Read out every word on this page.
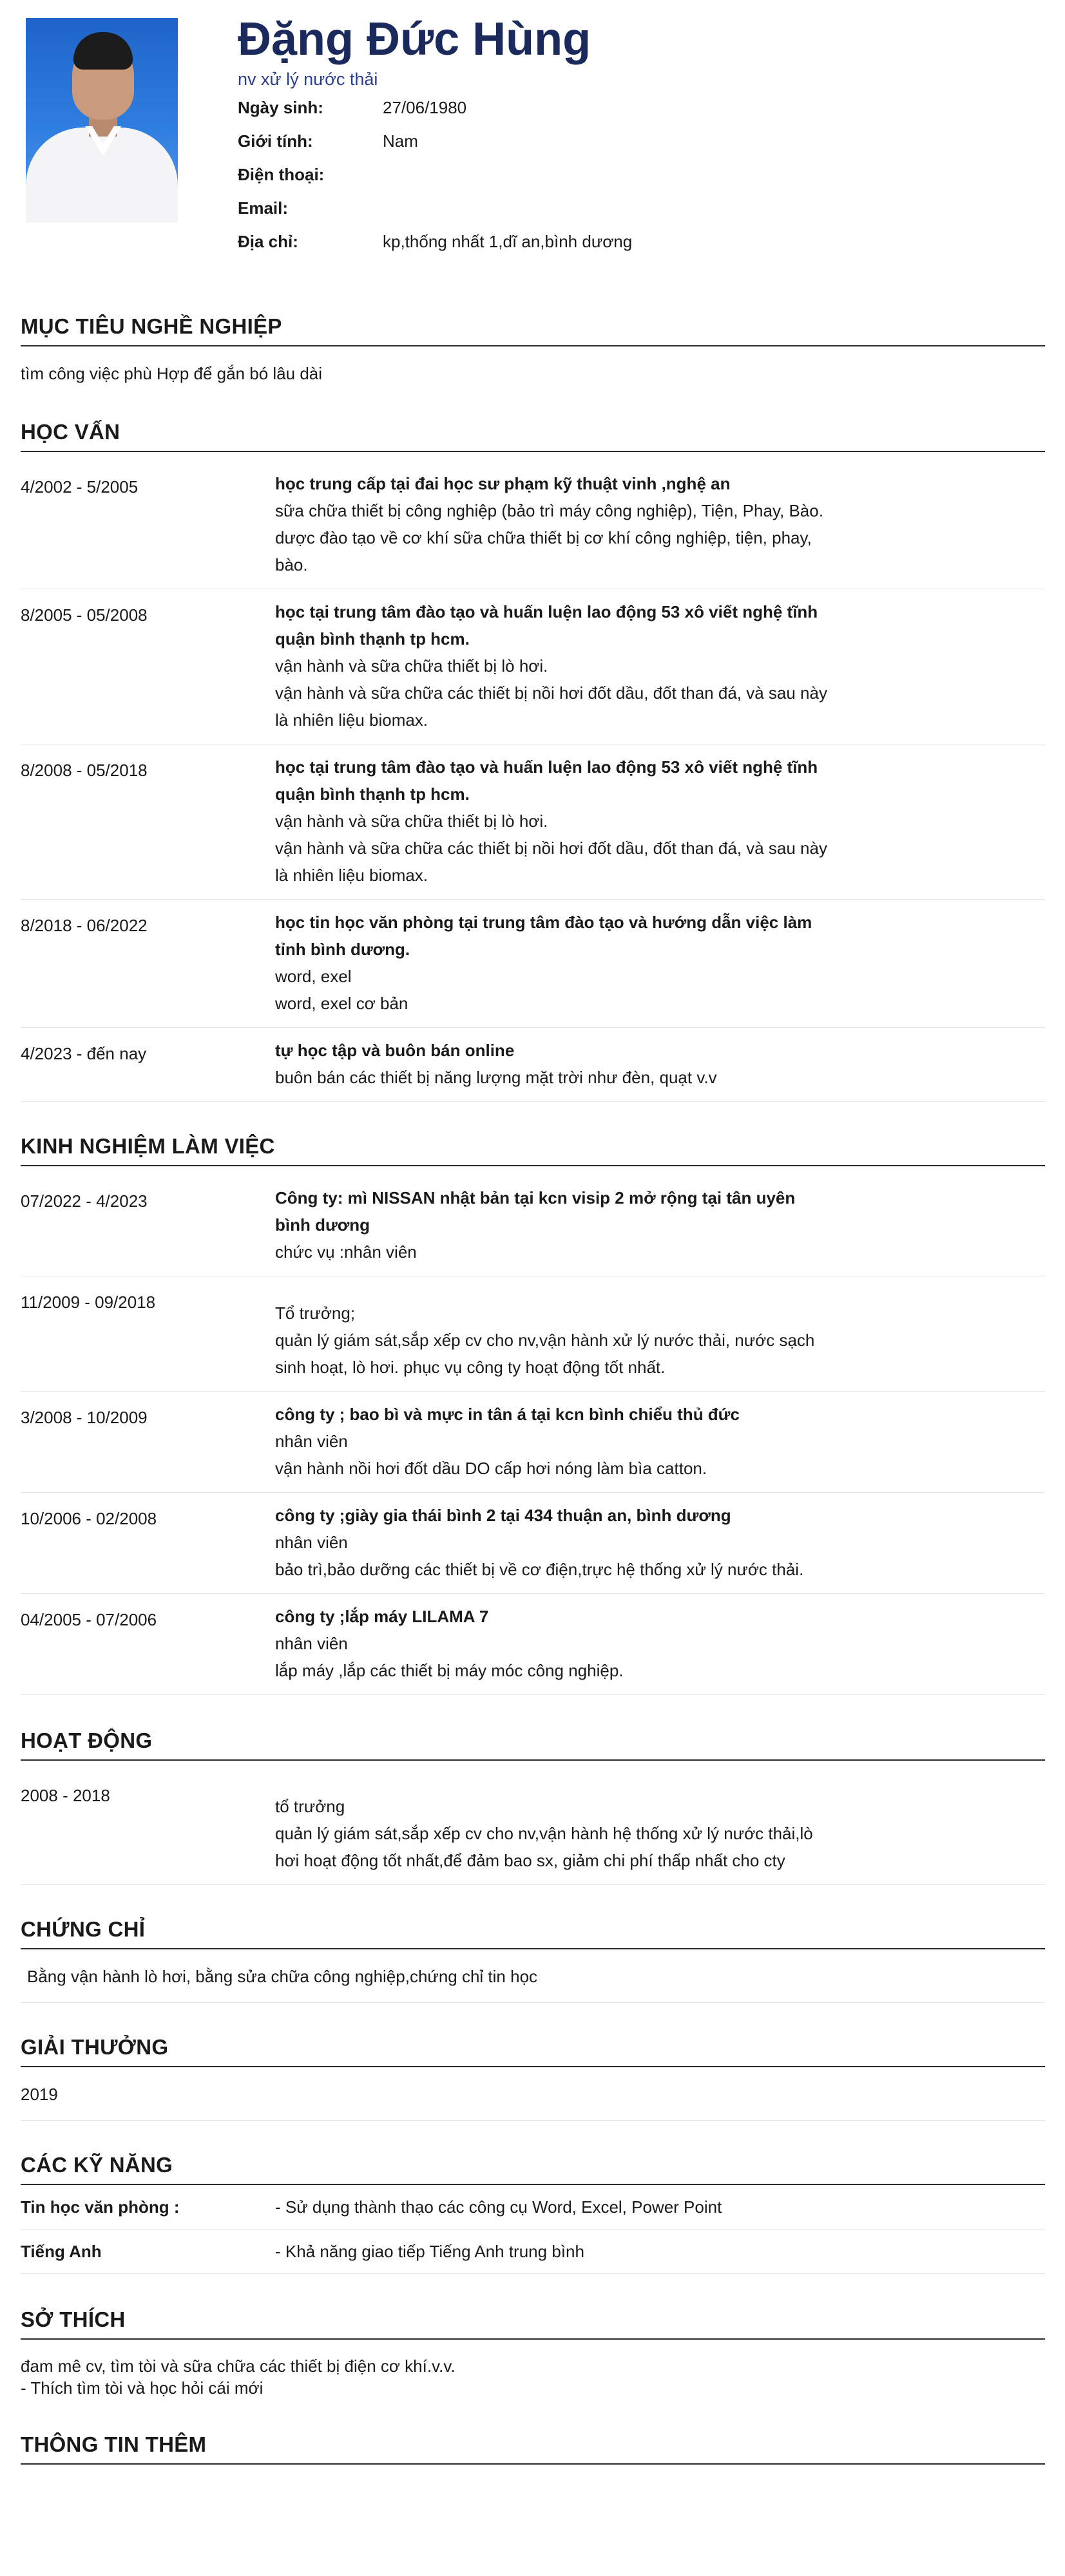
Đặng Đức Hùng
nv xử lý nước thải
Ngày sinh:	27/06/1980
Giới tính:	Nam
Điện thoại:
Email:
Địa chỉ:	kp,thống nhất 1,dĩ an,bình dương
MỤC TIÊU NGHỀ NGHIỆP
tìm công việc phù Hợp để gắn bó lâu dài
HỌC VẤN
4/2002 - 5/2005	học trung cấp tại đai học sư phạm kỹ thuật vinh ,nghệ an
sữa chữa thiết bị công nghiệp (bảo trì máy công nghiệp), Tiện, Phay, Bào.
dược đào tạo về cơ khí sữa chữa thiết bị cơ khí công nghiệp, tiện, phay, bào.
8/2005 - 05/2008	học tại trung tâm đào tạo và huấn luện lao động 53 xô viết nghệ tĩnh quận bình thạnh tp hcm.
vận hành và sữa chữa thiết bị lò hơi.
vận hành và sữa chữa các thiết bị nồi hơi đốt dầu, đốt than đá, và sau này là nhiên liệu biomax.
8/2008 - 05/2018	học tại trung tâm đào tạo và huấn luện lao động 53 xô viết nghệ tĩnh quận bình thạnh tp hcm.
vận hành và sữa chữa thiết bị lò hơi.
vận hành và sữa chữa các thiết bị nồi hơi đốt dầu, đốt than đá, và sau này là nhiên liệu biomax.
8/2018 - 06/2022	học tin học văn phòng tại trung tâm đào tạo và hướng dẫn việc làm tỉnh bình dương.
word, exel
word, exel cơ bản
4/2023 - đến nay	tự học tập và buôn bán online
buôn bán các thiết bị năng lượng mặt trời như đèn, quạt v.v
KINH NGHIỆM LÀM VIỆC
07/2022 - 4/2023	Công ty: mì NISSAN nhật bản tại kcn visip 2 mở rộng tại tân uyên bình dương
chức vụ :nhân viên
11/2009 - 09/2018
Tổ trưởng;
quản lý giám sát,sắp xếp cv cho nv,vận hành xử lý nước thải, nước sạch sinh hoạt, lò hơi. phục vụ công ty hoạt động tốt nhất.
3/2008 - 10/2009	công ty ; bao bì và mực in tân á tại kcn bình chiểu thủ đức
nhân viên
vận hành nồi hơi đốt dầu DO cấp hơi nóng làm bìa catton.
10/2006 - 02/2008	công ty ;giày gia thái bình 2 tại 434 thuận an, bình dương
nhân viên
bảo trì,bảo dưỡng các thiết bị về cơ điện,trực hệ thống xử lý nước thải.
04/2005 - 07/2006	công ty ;lắp máy LILAMA 7
nhân viên
lắp máy ,lắp các thiết bị máy móc công nghiệp.
HOẠT ĐỘNG
2008 - 2018
tổ trưởng
quản lý giám sát,sắp xếp cv cho nv,vận hành hệ thống xử lý nước thải,lò hơi hoạt động tốt nhất,để đảm bao sx, giảm chi phí thấp nhất cho cty
CHỨNG CHỈ
Bằng vận hành lò hơi, bằng sửa chữa công nghiệp,chứng chỉ tin học
GIẢI THƯỞNG
2019
CÁC KỸ NĂNG
Tin học văn phòng :	- Sử dụng thành thạo các công cụ Word, Excel, Power Point
Tiếng Anh	- Khả năng giao tiếp Tiếng Anh trung bình
SỞ THÍCH
đam mê cv, tìm tòi và sữa chữa các thiết bị điện cơ khí.v.v.
- Thích tìm tòi và học hỏi cái mới
THÔNG TIN THÊM
